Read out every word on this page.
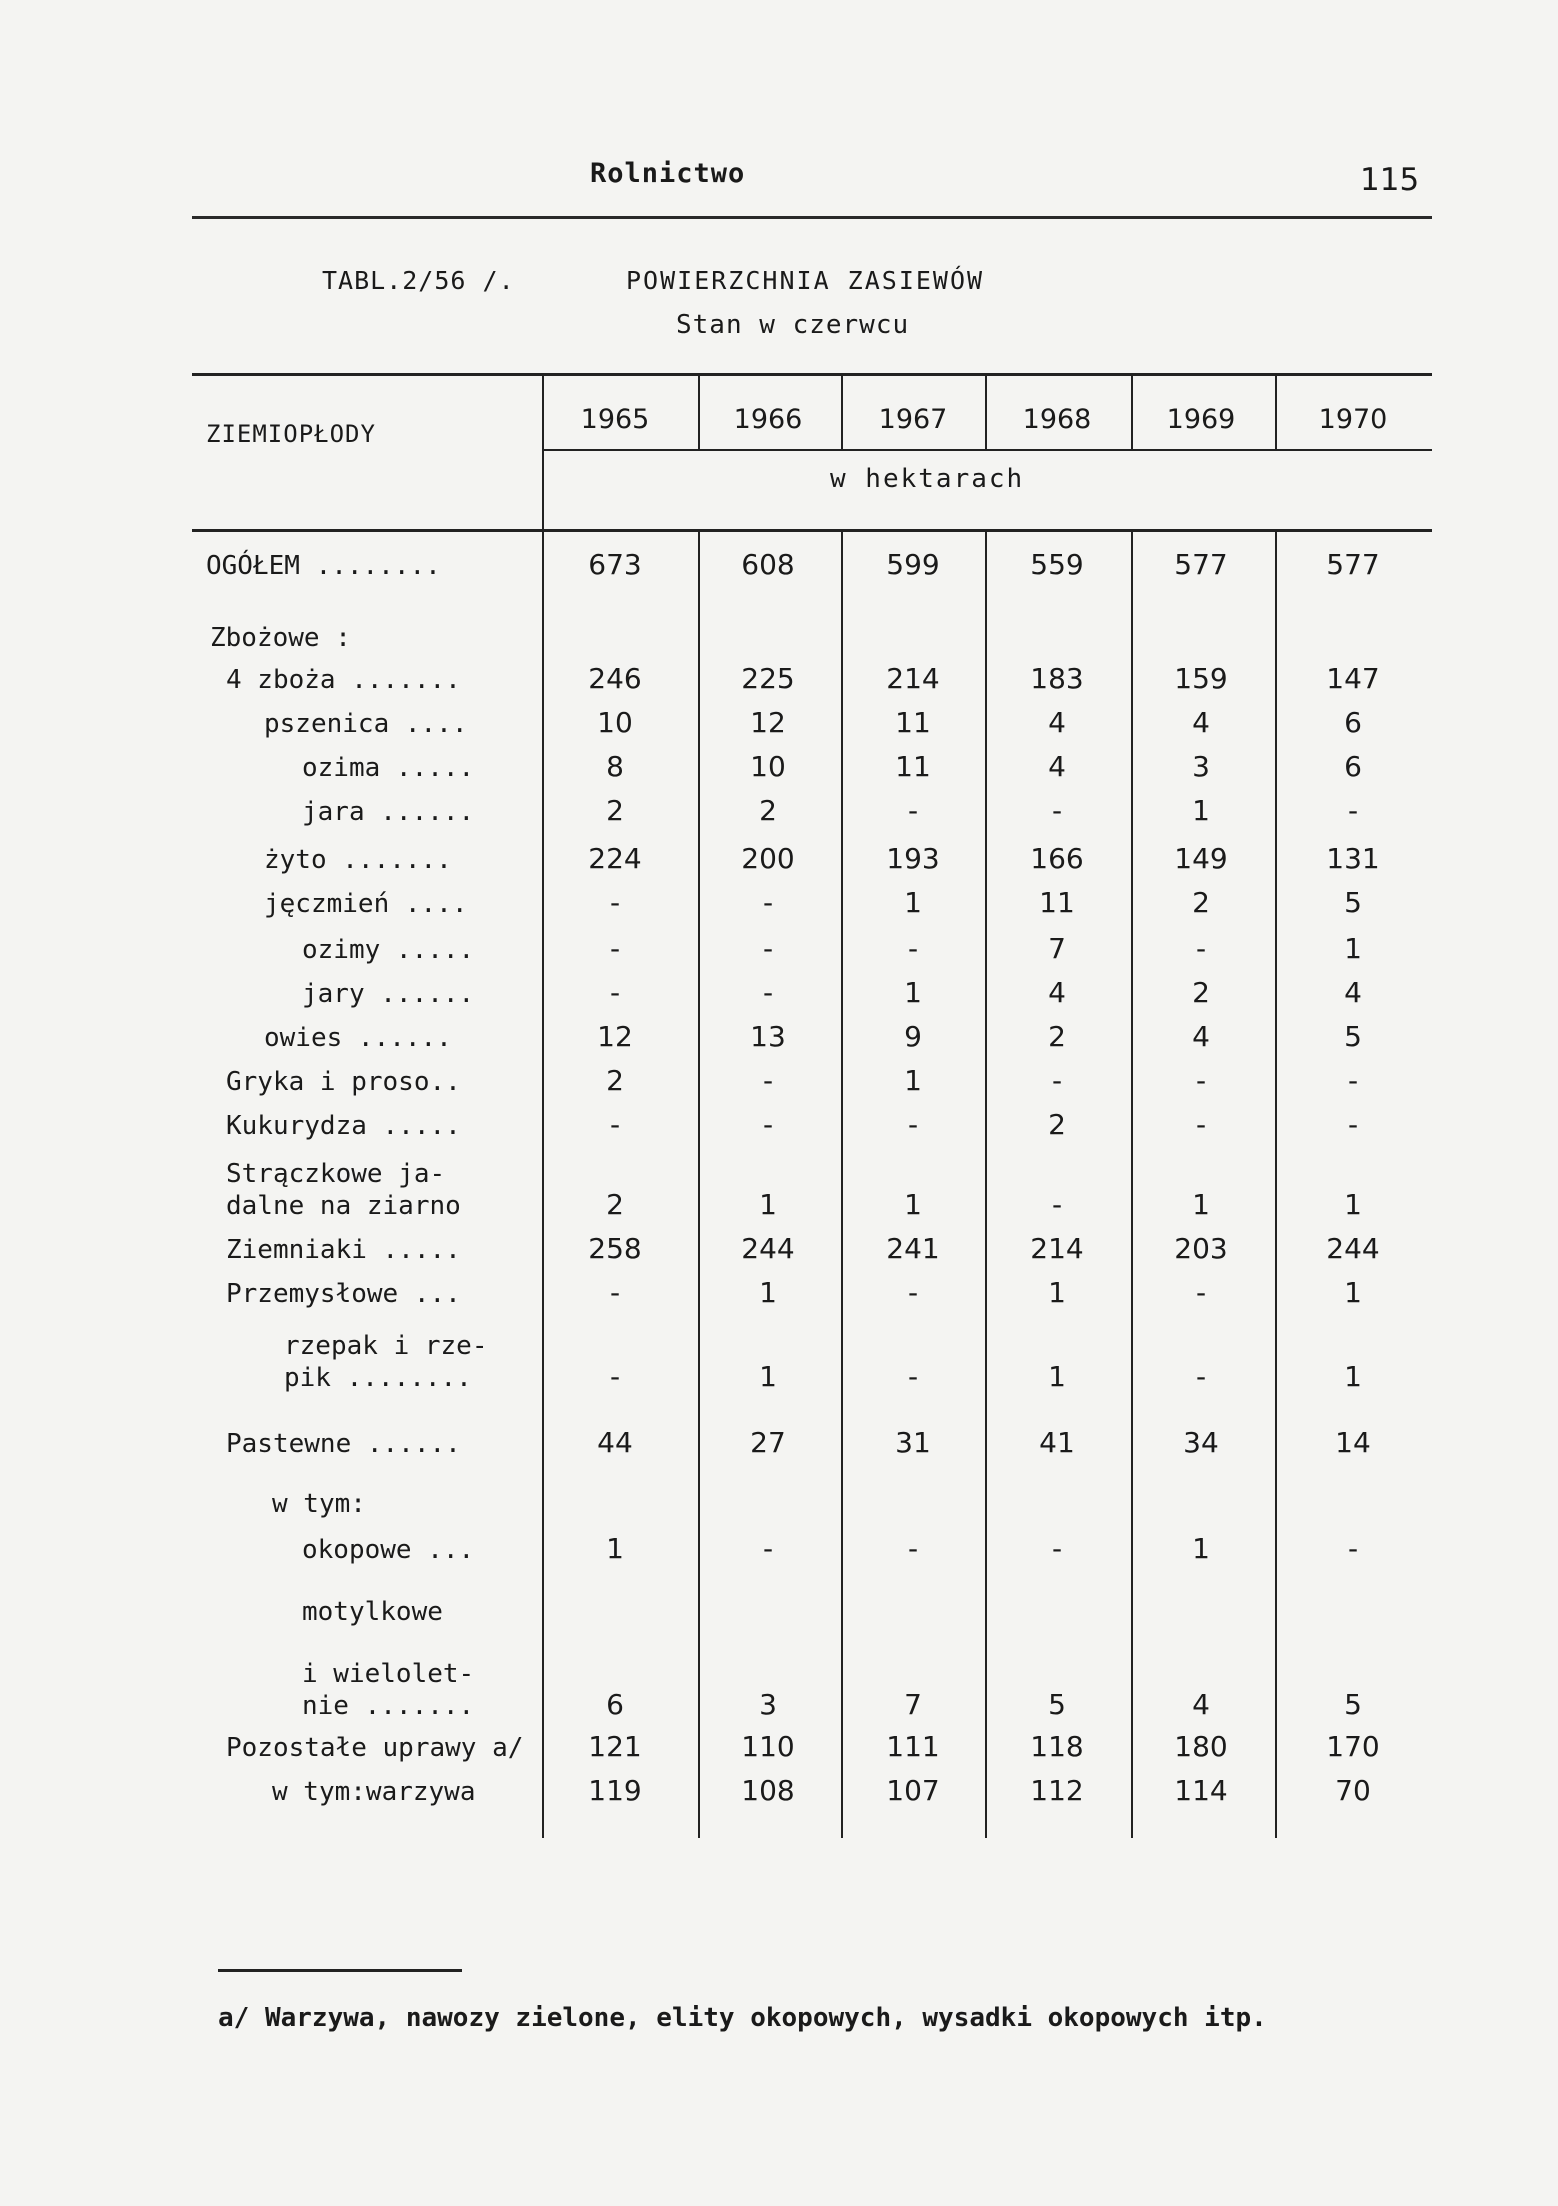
Rolnictwo	115
TABL.2/56 /.	POWIERZCHNIA ZASIEWÓW
Stan w czerwcu
ZIEMIOPŁODY
w hektarach
1965	1966	1967	1968	1969	1970
OGÓŁEM ........	673	608	599	559	577	577
Zbożowe :
4 zboża .......	246	225	214	183	159	147
pszenica ....	10	12	11	4	4	6
ozima .....	8	10	11	4	3	6
jara ......	2	2	-	-	1	-
żyto .......	224	200	193	166	149	131
jęczmień ....	-	-	1	11	2	5
ozimy .....	-	-	-	7	-	1
jary ......	-	-	1	4	2	4
owies ......	12	13	9	2	4	5
Gryka i proso..	2	-	1	-	-	-
Kukurydza .....	-	-	-	2	-	-
Strączkowe ja-
dalne na ziarno	2	1	1	-	1	1
Ziemniaki .....	258	244	241	214	203	244
Przemysłowe ...	-	1	-	1	-	1
rzepak i rze-
pik ........	-	1	-	1	-	1
Pastewne ......	44	27	31	41	34	14
w tym:
okopowe ...	1	-	-	-	1	-
motylkowe
i wielolet-
nie .......	6	3	7	5	4	5
Pozostałe uprawy a/	121	110	111	118	180	170
w tym:warzywa	119	108	107	112	114	70
a/ Warzywa, nawozy zielone, elity okopowych, wysadki okopowych itp.
